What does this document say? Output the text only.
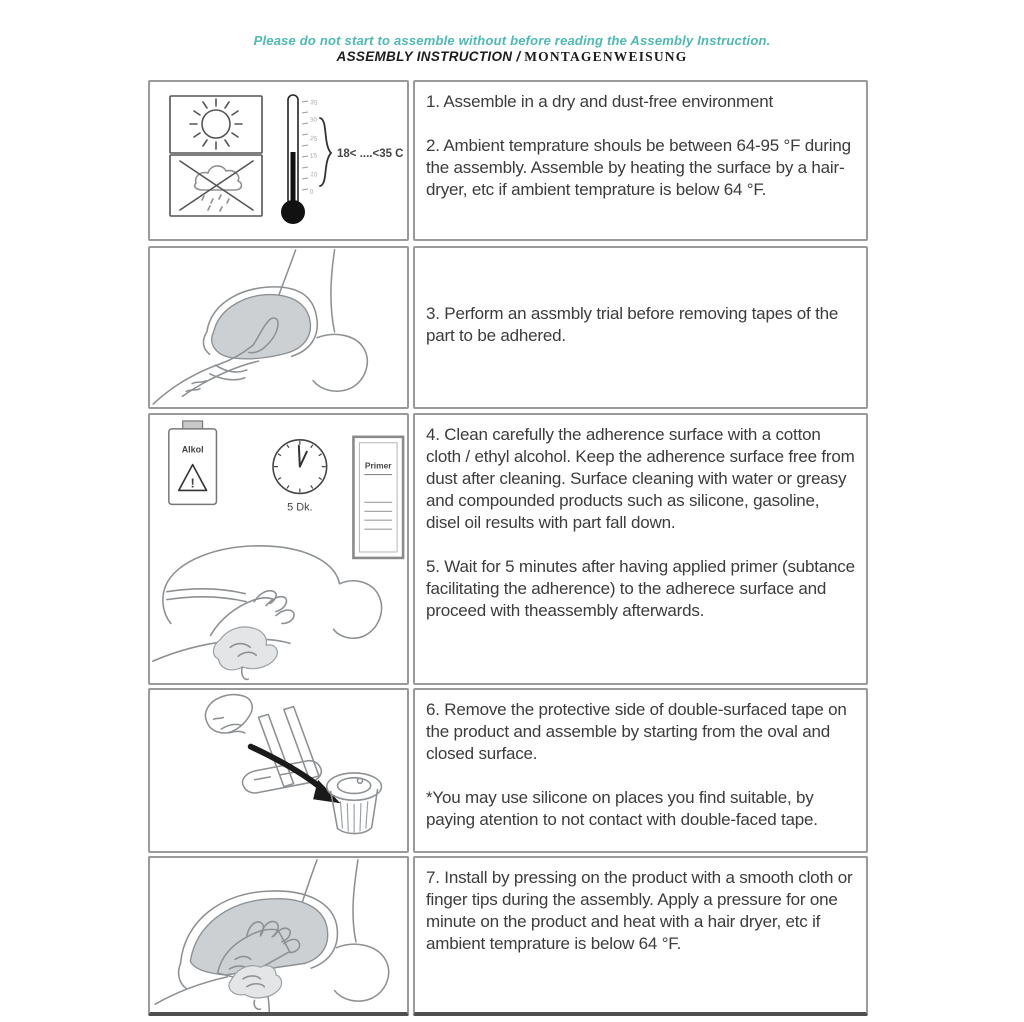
Please do not start to assemble without before reading the Assembly Instruction.
ASSEMBLY INSTRUCTION / MONTAGENWEISUNG
35
30
25
15
10
0
18< ....<35 C

1. Assemble in a dry and dust-free environment

2. Ambient temprature shouls be between 64-95 °F during the assembly. Assemble by heating the surface by a hair-dryer, etc if ambient temprature is below 64 °F.

3. Perform an assmbly trial before removing tapes of the part to be adhered.

Alkol
!
5 Dk.
Primer

4. Clean carefully the adherence surface with a cotton cloth / ethyl alcohol. Keep the adherence surface free from dust after cleaning. Surface cleaning with water or greasy and compounded products such as silicone, gasoline, disel oil results with part fall down.

5. Wait for 5 minutes after having applied primer (subtance facilitating the adherence) to the adherece surface and proceed with theassembly afterwards.

6. Remove the protective side of double-surfaced tape on the product and assemble by starting from the oval and closed surface.

*You may use silicone on places you find suitable, by paying atention to not contact with double-faced tape.

7. Install by pressing on the product with a smooth cloth or finger tips during the assembly. Apply a pressure for one minute on the product and heat with a hair dryer, etc if ambient temprature is below 64 °F.
